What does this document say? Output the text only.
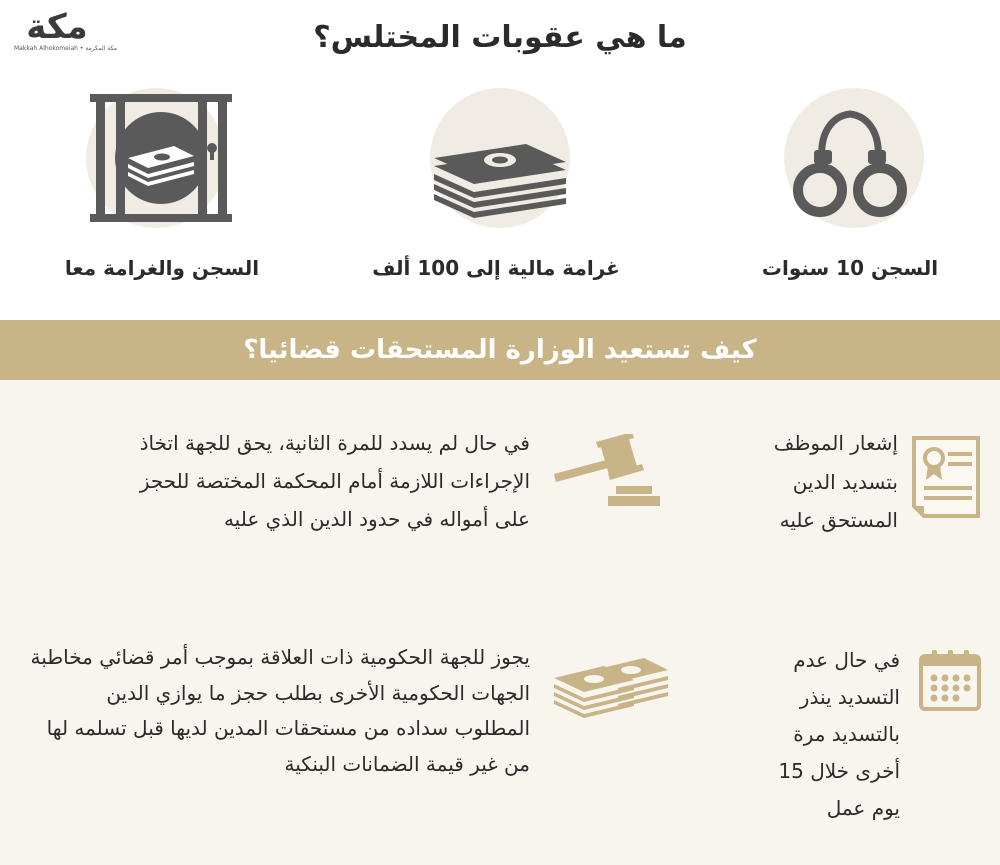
مكة
Makkah Alhokomeiah • مكة المكرمة	ما هي عقوبات المختلس؟
السجن 10 سنوات
غرامة مالية إلى 100 ألف
السجن والغرامة معا
كيف تستعيد الوزارة المستحقات قضائيا؟
إشعار الموظف بتسديد الدين المستحق عليه
في حال عدم التسديد ينذر بالتسديد مرة أخرى خلال 15 يوم عمل
في حال لم يسدد للمرة الثانية، يحق للجهة اتخاذ الإجراءات اللازمة أمام المحكمة المختصة للحجز على أمواله في حدود الدين الذي عليه
يجوز للجهة الحكومية ذات العلاقة بموجب أمر قضائي مخاطبة الجهات الحكومية الأخرى بطلب حجز ما يوازي الدين المطلوب سداده من مستحقات المدين لديها قبل تسلمه لها من غير قيمة الضمانات البنكية
